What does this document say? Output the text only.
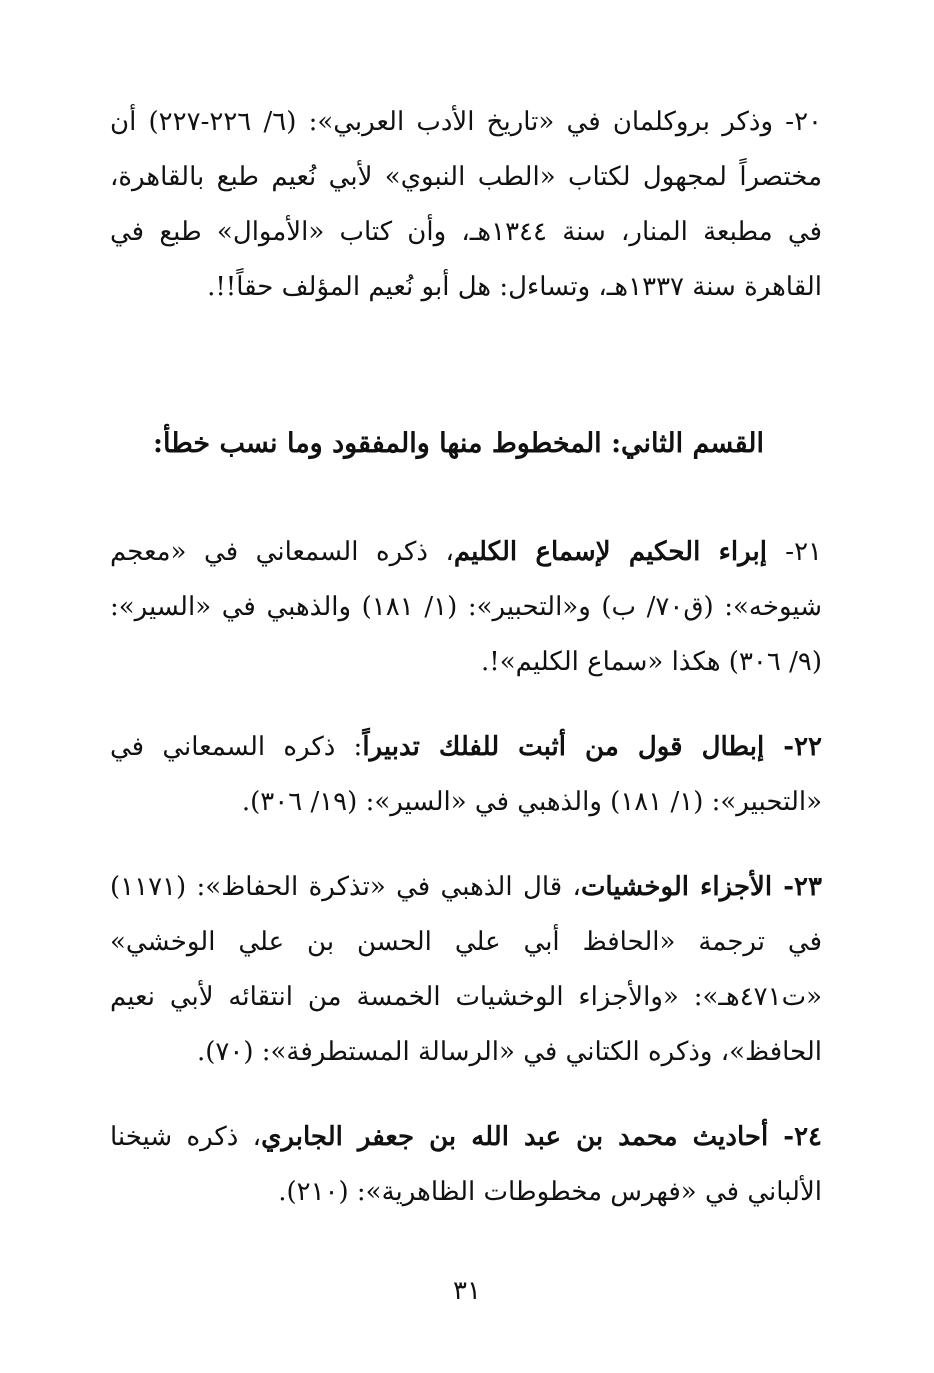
٢٠- وذكر بروكلمان في «تاريخ الأدب العربي»: (٦/ ٢٢٦-٢٢٧) أن مختصراً لمجهول لكتاب «الطب النبوي» لأبي نُعيم طبع بالقاهرة، في مطبعة المنار، سنة ١٣٤٤هـ، وأن كتاب «الأموال» طبع في القاهرة سنة ١٣٣٧هـ، وتساءل: هل أبو نُعيم المؤلف حقاً!!.

القسم الثاني: المخطوط منها والمفقود وما نسب خطأ:

٢١- إبراء الحكيم لإسماع الكليم، ذكره السمعاني في «معجم شيوخه»: (ق٧٠/ ب) و«التحبير»: (١/ ١٨١) والذهبي في «السير»: (٩/ ٣٠٦) هكذا «سماع الكليم»!.

٢٢- إبطال قول من أثبت للفلك تدبيراً: ذكره السمعاني في «التحبير»: (١/ ١٨١) والذهبي في «السير»: (١٩/ ٣٠٦).

٢٣- الأجزاء الوخشيات، قال الذهبي في «تذكرة الحفاظ»: (١١٧١) في ترجمة «الحافظ أبي علي الحسن بن علي الوخشي» «ت٤٧١هـ»: «والأجزاء الوخشيات الخمسة من انتقائه لأبي نعيم الحافظ»، وذكره الكتاني في «الرسالة المستطرفة»: (٧٠).

٢٤- أحاديث محمد بن عبد الله بن جعفر الجابري، ذكره شيخنا الألباني في «فهرس مخطوطات الظاهرية»: (٢١٠).

٣١
